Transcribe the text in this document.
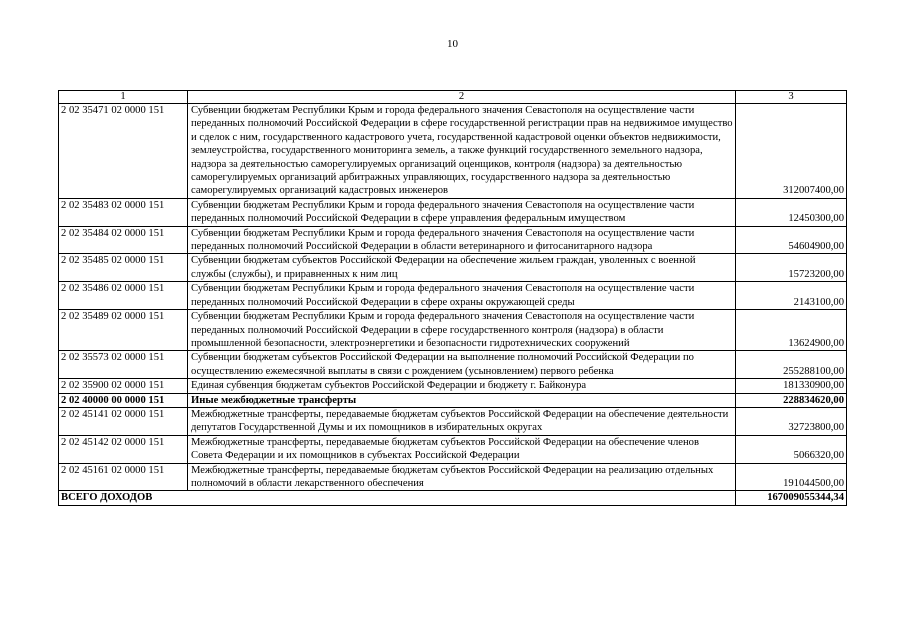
10
1	2	3
2 02 35471 02 0000 151	Субвенции бюджетам Республики Крым и города федерального значения Севастополя на осуществление части переданных полномочий Российской Федерации в сфере государственной регистрации прав на недвижимое имущество и сделок с ним, государственного кадастрового учета, государственной кадастровой оценки объектов недвижимости, землеустройства, государственного мониторинга земель, а также функций государственного земельного надзора, надзора за деятельностью саморегулируемых организаций оценщиков, контроля (надзора) за деятельностью саморегулируемых организаций арбитражных управляющих, государственного надзора за деятельностью саморегулируемых организаций кадастровых инженеров	312007400,00
2 02 35483 02 0000 151	Субвенции бюджетам Республики Крым и города федерального значения Севастополя на осуществление части переданных полномочий Российской Федерации в сфере управления федеральным имуществом	12450300,00
2 02 35484 02 0000 151	Субвенции бюджетам Республики Крым и города федерального значения Севастополя на осуществление части переданных полномочий Российской Федерации в области ветеринарного и фитосанитарного надзора	54604900,00
2 02 35485 02 0000 151	Субвенции бюджетам субъектов Российской Федерации на обеспечение жильем граждан, уволенных с военной службы (службы), и приравненных к ним лиц	15723200,00
2 02 35486 02 0000 151	Субвенции бюджетам Республики Крым и города федерального значения Севастополя на осуществление части переданных полномочий Российской Федерации в сфере охраны окружающей среды	2143100,00
2 02 35489 02 0000 151	Субвенции бюджетам Республики Крым и города федерального значения Севастополя на осуществление части переданных полномочий Российской Федерации в сфере государственного контроля (надзора) в области промышленной безопасности, электроэнергетики и безопасности гидротехнических сооружений	13624900,00
2 02 35573 02 0000 151	Субвенции бюджетам субъектов Российской Федерации на выполнение полномочий Российской Федерации по осуществлению ежемесячной выплаты в связи с рождением (усыновлением) первого ребенка	255288100,00
2 02 35900 02 0000 151	Единая субвенция бюджетам субъектов Российской Федерации и бюджету г. Байконура	181330900,00
2 02 40000 00 0000 151	Иные межбюджетные трансферты	228834620,00
2 02 45141 02 0000 151	Межбюджетные трансферты, передаваемые бюджетам субъектов Российской Федерации на обеспечение деятельности депутатов Государственной Думы и их помощников в избирательных округах	32723800,00
2 02 45142 02 0000 151	Межбюджетные трансферты, передаваемые бюджетам субъектов Российской Федерации на обеспечение членов Совета Федерации и их помощников в субъектах Российской Федерации	5066320,00
2 02 45161 02 0000 151	Межбюджетные трансферты, передаваемые бюджетам субъектов Российской Федерации на реализацию отдельных полномочий в области лекарственного обеспечения	191044500,00
ВСЕГО ДОХОДОВ		167009055344,34
